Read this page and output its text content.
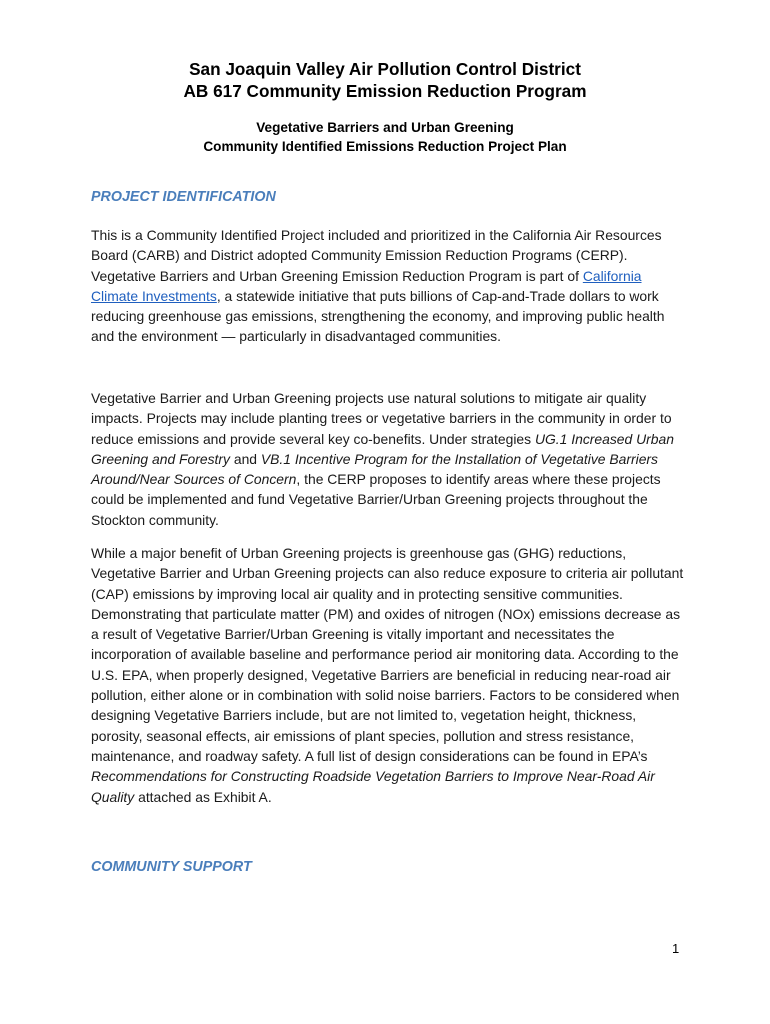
San Joaquin Valley Air Pollution Control District
AB 617 Community Emission Reduction Program
Vegetative Barriers and Urban Greening
Community Identified Emissions Reduction Project Plan
PROJECT IDENTIFICATION

This is a Community Identified Project included and prioritized in the California Air Resources Board (CARB) and District adopted Community Emission Reduction Programs (CERP). Vegetative Barriers and Urban Greening Emission Reduction Program is part of California Climate Investments, a statewide initiative that puts billions of Cap-and-Trade dollars to work reducing greenhouse gas emissions, strengthening the economy, and improving public health and the environment — particularly in disadvantaged communities.

Vegetative Barrier and Urban Greening projects use natural solutions to mitigate air quality impacts. Projects may include planting trees or vegetative barriers in the community in order to reduce emissions and provide several key co-benefits. Under strategies UG.1 Increased Urban Greening and Forestry and VB.1 Incentive Program for the Installation of Vegetative Barriers Around/Near Sources of Concern, the CERP proposes to identify areas where these projects could be implemented and fund Vegetative Barrier/Urban Greening projects throughout the Stockton community.

While a major benefit of Urban Greening projects is greenhouse gas (GHG) reductions, Vegetative Barrier and Urban Greening projects can also reduce exposure to criteria air pollutant (CAP) emissions by improving local air quality and in protecting sensitive communities. Demonstrating that particulate matter (PM) and oxides of nitrogen (NOx) emissions decrease as a result of Vegetative Barrier/Urban Greening is vitally important and necessitates the incorporation of available baseline and performance period air monitoring data. According to the U.S. EPA, when properly designed, Vegetative Barriers are beneficial in reducing near-road air pollution, either alone or in combination with solid noise barriers. Factors to be considered when designing Vegetative Barriers include, but are not limited to, vegetation height, thickness, porosity, seasonal effects, air emissions of plant species, pollution and stress resistance, maintenance, and roadway safety. A full list of design considerations can be found in EPA’s Recommendations for Constructing Roadside Vegetation Barriers to Improve Near-Road Air Quality attached as Exhibit A.

COMMUNITY SUPPORT
1
